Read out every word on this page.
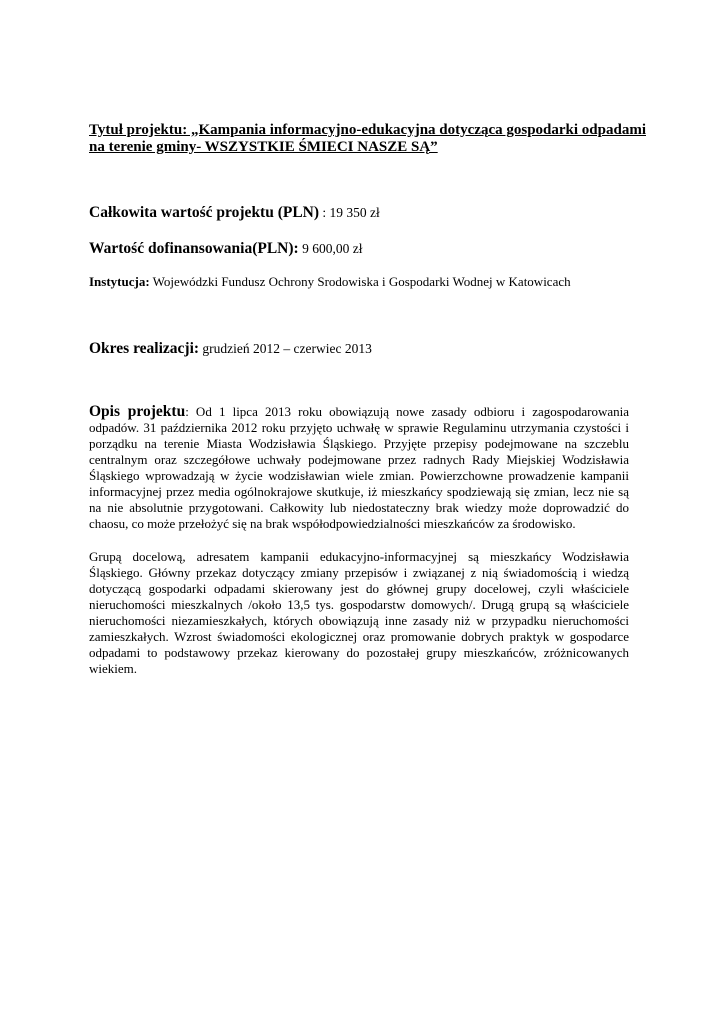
Tytuł projektu: „Kampania informacyjno-edukacyjna dotycząca gospodarki odpadami na terenie gminy- WSZYSTKIE ŚMIECI NASZE SĄ”
Całkowita wartość projektu (PLN) : 19 350 zł
Wartość dofinansowania(PLN): 9 600,00 zł
Instytucja: Wojewódzki Fundusz Ochrony Srodowiska i Gospodarki Wodnej w Katowicach
Okres realizacji: grudzień 2012 – czerwiec 2013
Opis projektu: Od 1 lipca 2013 roku obowiązują nowe zasady odbioru i zagospodarowania odpadów. 31 października 2012 roku przyjęto uchwałę w sprawie Regulaminu utrzymania czystości i porządku na terenie Miasta Wodzisławia Śląskiego. Przyjęte przepisy podejmowane na szczeblu centralnym oraz szczegółowe uchwały podejmowane przez radnych Rady Miejskiej Wodzisławia Śląskiego wprowadzają w życie wodzisławian wiele zmian. Powierzchowne prowadzenie kampanii informacyjnej przez media ogólnokrajowe skutkuje, iż mieszkańcy spodziewają się zmian, lecz nie są na nie absolutnie przygotowani. Całkowity lub niedostateczny brak wiedzy może doprowadzić do chaosu, co może przełożyć się na brak współodpowiedzialności mieszkańców za środowisko.
Grupą docelową, adresatem kampanii edukacyjno-informacyjnej są mieszkańcy Wodzisławia Śląskiego. Główny przekaz dotyczący zmiany przepisów i związanej z nią świadomością i wiedzą dotyczącą gospodarki odpadami skierowany jest do głównej grupy docelowej, czyli właściciele nieruchomości mieszkalnych /około 13,5 tys. gospodarstw domowych/. Drugą grupą są właściciele nieruchomości niezamieszkałych, których obowiązują inne zasady niż w przypadku nieruchomości zamieszkałych. Wzrost świadomości ekologicznej oraz promowanie dobrych praktyk w gospodarce odpadami to podstawowy przekaz kierowany do pozostałej grupy mieszkańców, zróżnicowanych wiekiem.
